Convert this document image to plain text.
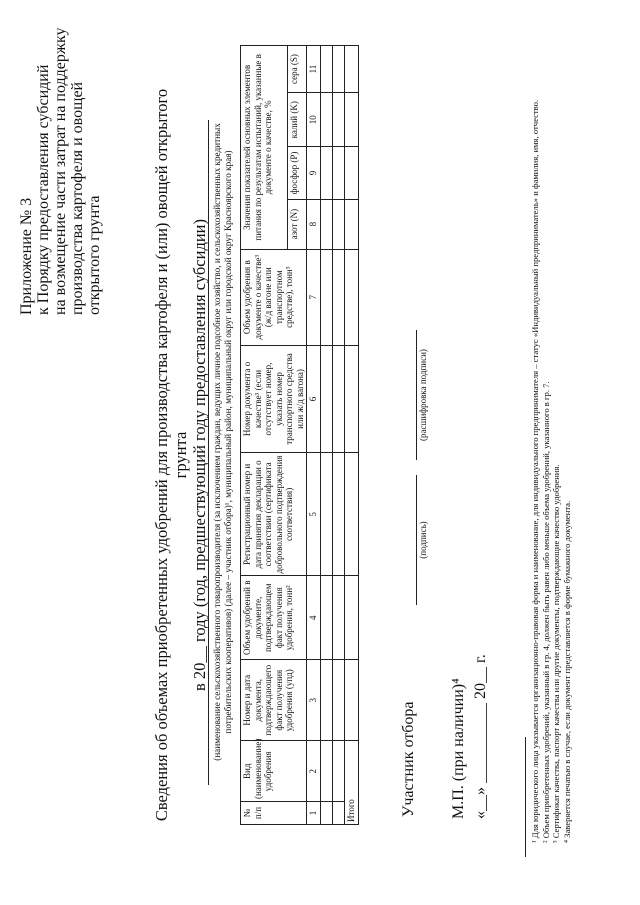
Приложение № 3 к Порядку предоставления субсидий на возмещение части затрат на поддержку производства картофеля и овощей открытого грунта	Сведения об объемах приобретенных удобрений для производства картофеля и (или) овощей открытого грунта в 20__ году (год, предшествующий году предоставления субсидии) (наименование сельскохозяйственного товаропроизводителя (за исключением граждан, ведущих личное подсобное хозяйство, и сельскохозяйственных кредитных потребительских кооперативов) (далее – участник отбора)¹, муниципальный район, муниципальный округ или городской округ Красноярского края)
№ п/п	Вид (наименование) удобрения	Номер и дата документа, подтверждающего факт получения удобрения (упд)	Объем удобрений в документе, подтверждающем факт получения удобрения, тонн²	Регистрационный номер и дата принятия декларации о соответствии (сертификата добровольного подтверждения соответствия)	Номер документа о качестве³ (если отсутствует номер, указать номер транспортного средства или ж/д вагона)	Объем удобрения в документе о качестве³ (ж/д вагоне или транспортном средстве), тонн³	Значения показателей основных элементов питания по результатам испытаний, указанные в документе о качестве, %			
							азот (N)	фосфор (P)	калий (K)	сера (S)
1	2	3	4	5	6	7	8	9	10	11

Итого											Участник отбора
(подпись)
(расшифровка подписи)
М.П. (при наличии)⁴ «__» __________ 20__ г.	¹ Для юридического лица указывается организационно-правовая форма и наименование, для индивидуального предпринимателя – статус «Индивидуальный предприниматель» и фамилия, имя, отчество. ² Объем приобретенных удобрений, указанный в гр. 4, должен быть равен либо меньше объема удобрений, указанного в гр. 7. ³ Сертификат качества, паспорт качества или другие документы, подтверждающие качество удобрения. ⁴ Заверяется печатью в случае, если документ представляется в форме бумажного документа.
